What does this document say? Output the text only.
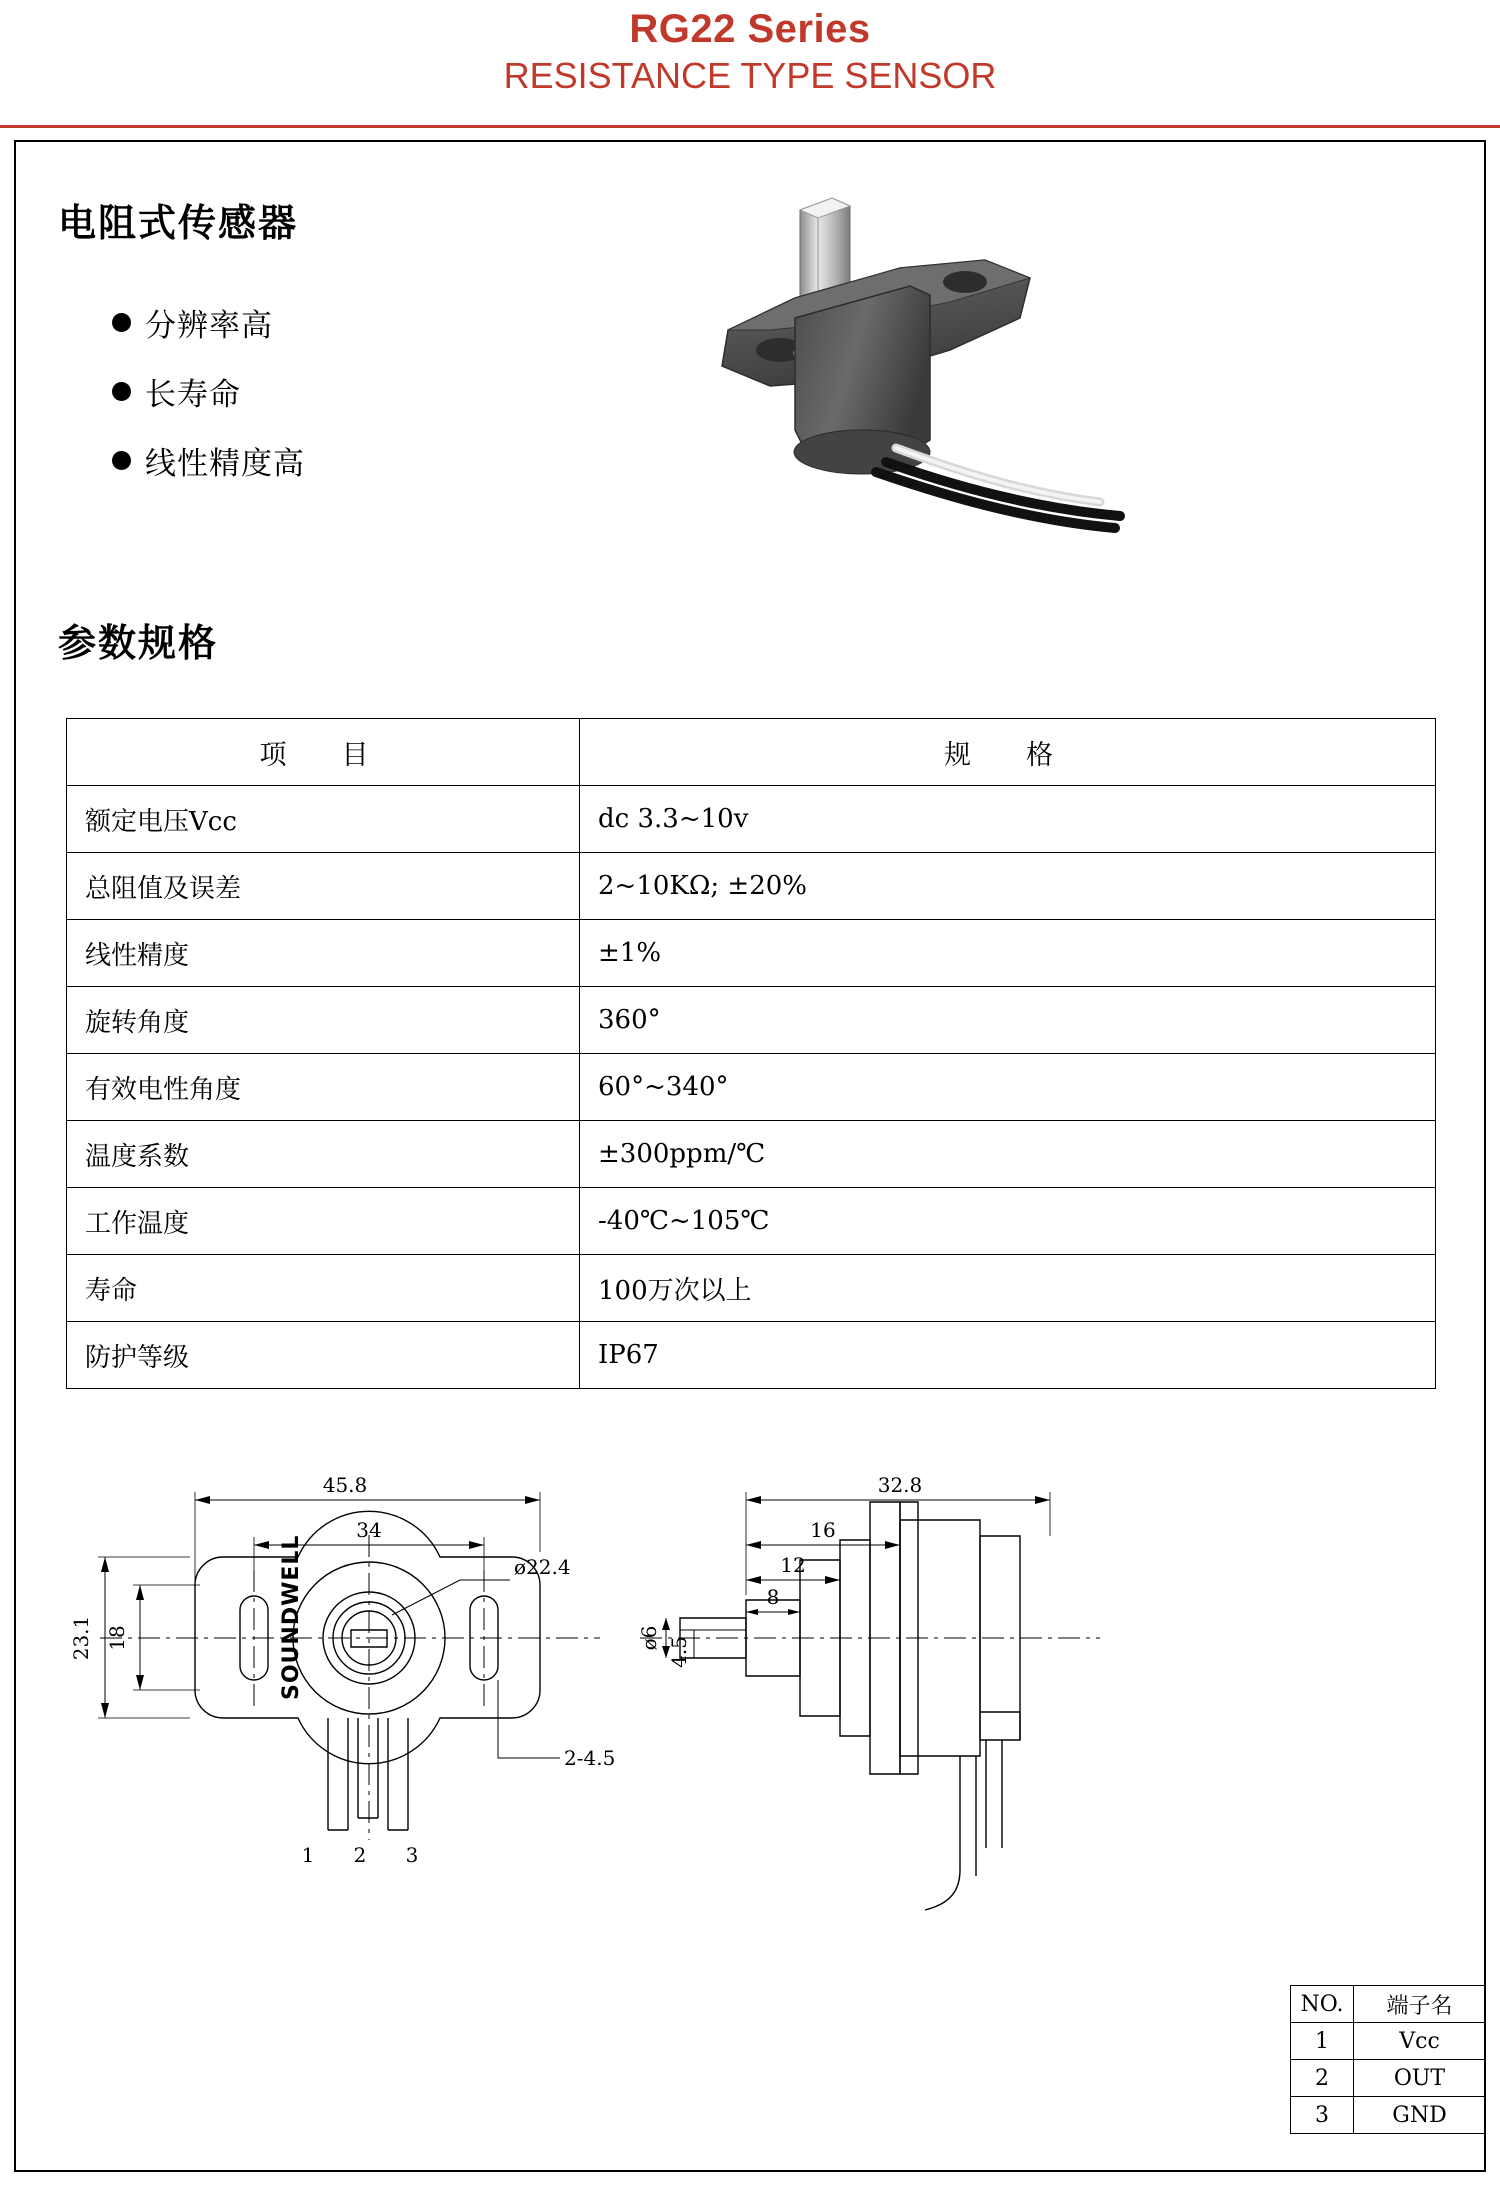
RG22 Series
RESISTANCE TYPE SENSOR
电阻式传感器
分辨率高
长寿命
线性精度高
参数规格
项　目	规　格
额定电压Vcc	dc 3.3~10v
总阻值及误差	2~10KΩ; ±20%
线性精度	±1%
旋转角度	360°
有效电性角度	60°~340°
温度系数	±300ppm/℃
工作温度	-40℃~105℃
寿命	100万次以上
防护等级	IP67
45.8
34
ø22.4
23.1 18
2-4.5
32.8
16
12
8
ø6 4.5
SOUNDWELL
1 2 3
NO.	端子名
1	Vcc
2	OUT
3	GND
